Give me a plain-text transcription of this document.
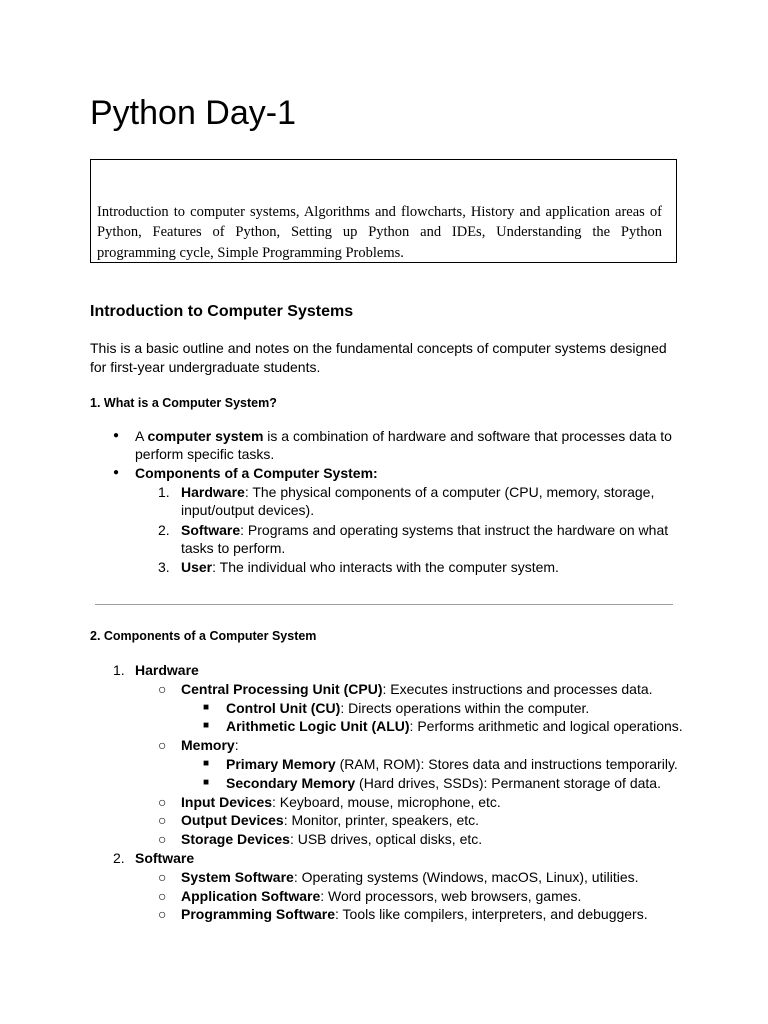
Python Day-1

Introduction to computer systems, Algorithms and flowcharts, History and application areas of Python, Features of Python, Setting up Python and IDEs, Understanding the Python programming cycle, Simple Programming Problems.

Introduction to Computer Systems

This is a basic outline and notes on the fundamental concepts of computer systems designed for first-year undergraduate students.

1. What is a Computer System?
● A computer system is a combination of hardware and software that processes data to
perform specific tasks.
● Components of a Computer System:
1. Hardware: The physical components of a computer (CPU, memory, storage,
input/output devices).
2. Software: Programs and operating systems that instruct the hardware on what
tasks to perform.
3. User: The individual who interacts with the computer system.
2. Components of a Computer System
1. Hardware
○ Central Processing Unit (CPU): Executes instructions and processes data.
■ Control Unit (CU): Directs operations within the computer.
■ Arithmetic Logic Unit (ALU): Performs arithmetic and logical operations.
○ Memory:
■ Primary Memory (RAM, ROM): Stores data and instructions temporarily.
■ Secondary Memory (Hard drives, SSDs): Permanent storage of data.
○ Input Devices: Keyboard, mouse, microphone, etc.
○ Output Devices: Monitor, printer, speakers, etc.
○ Storage Devices: USB drives, optical disks, etc.
2. Software
○ System Software: Operating systems (Windows, macOS, Linux), utilities.
○ Application Software: Word processors, web browsers, games.
○ Programming Software: Tools like compilers, interpreters, and debuggers.
